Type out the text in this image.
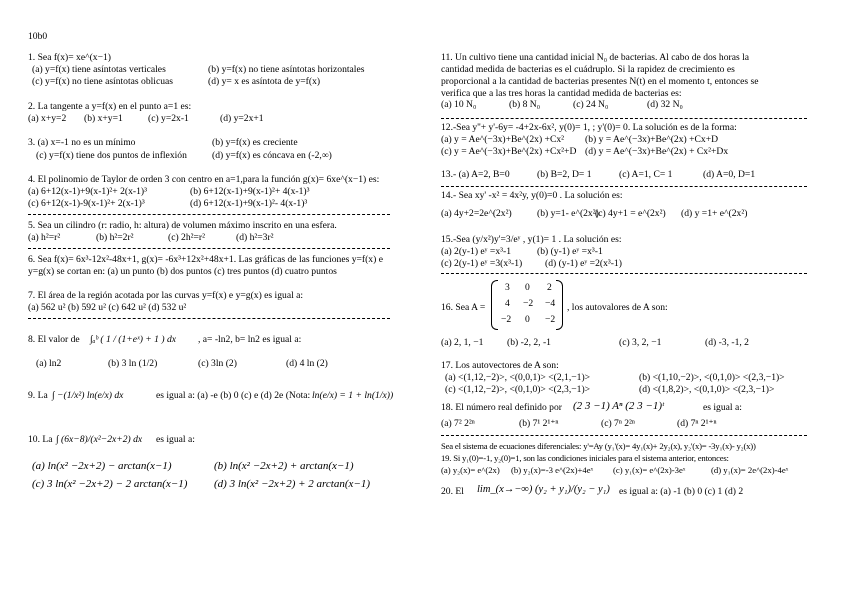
10b0
1. Sea f(x)= xe^(x−1)
(a) y=f(x) tiene asíntotas verticales	(b) y=f(x) no tiene asíntotas horizontales
(c) y=f(x) no tiene asíntotas oblicuas	(d) y= x es asíntota de y=f(x)
2. La tangente a y=f(x) en el punto a=1 es:
(a) x+y=2 (b) x+y=1	(c) y=2x-1	(d) y=2x+1
3. (a) x=-1 no es un mínimo	(b) y=f(x) es creciente
(c) y=f(x) tiene dos puntos de inflexión	(d) y=f(x) es cóncava en (-2,∞)
4. El polinomio de Taylor de orden 3 con centro en a=1,para la función g(x)= 6xe^(x−1) es:
(a) 6+12(x-1)+9(x-1)²+ 2(x-1)³	(b) 6+12(x-1)+9(x-1)²+ 4(x-1)³
(c) 6+12(x-1)-9(x-1)²+ 2(x-1)³	(d) 6+12(x-1)+9(x-1)²- 4(x-1)³
5. Sea un cilindro (r: radio, h: altura) de volumen máximo inscrito en una esfera.
(a) h²=r²	(b) h²=2r²	(c) 2h²=r²	(d) h²=3r²
6. Sea f(x)= 6x³-12x²-48x+1, g(x)= -6x³+12x²+48x+1. Las gráficas de las funciones y=f(x) e
y=g(x) se cortan en: (a) un punto (b) dos puntos (c) tres puntos (d) cuatro puntos
7. El área de la región acotada por las curvas y=f(x) e y=g(x) es igual a:
(a) 562 u² (b) 592 u² (c) 642 u² (d) 532 u²
8. El valor de ∫ₐᵇ ( 1 / (1+eˣ) + 1 ) dx , a= -ln2, b= ln2 es igual a:
(a) ln2	(b) 3 ln (1/2)	(c) 3ln (2)	(d) 4 ln (2)
9. La ∫ −(1/x²) ln(e/x) dx	es igual a: (a) -e (b) 0 (c) e (d) 2e (Nota: ln(e/x) = 1 + ln(1/x))
10. La ∫ (6x−8)/(x²−2x+2) dx es igual a:
(a) ln(x² −2x+2) − arctan(x−1)	(b) ln(x² −2x+2) + arctan(x−1)
(c) 3 ln(x² −2x+2) − 2 arctan(x−1) (d) 3 ln(x² −2x+2) + 2 arctan(x−1)
11. Un cultivo tiene una cantidad inicial N₀ de bacterias. Al cabo de dos horas la
cantidad medida de bacterias es el cuádruplo. Si la rapidez de crecimiento es
proporcional a la cantidad de bacterias presentes N(t) en el momento t, entonces se
verifica que a las tres horas la cantidad medida de bacterias es:
(a) 10 N₀	(b) 8 N₀	(c) 24 N₀	(d) 32 N₀
12.-Sea y''+ y'-6y= -4+2x-6x², y(0)= 1, ; y'(0)= 0. La solución es de la forma:
(a) y = Ae^(−3x)+Be^(2x) +Cx² (b) y = Ae^(−3x)+Be^(2x) +Cx+D
(c) y = Ae^(−3x)+Be^(2x) +Cx²+D (d) y = Ae^(−3x)+Be^(2x) + Cx²+Dx
13.- (a) A=2, B=0	(b) B=2, D= 1	(c) A=1, C= 1	(d) A=0, D=1
14.- Sea xy' -x² = 4x²y, y(0)=0 . La solución es:
(a) 4y+2=2e^(2x²)	(b) y=1- e^(2x²)
(c) 4y+1 = e^(2x²) (d) y =1+ e^(2x²)
15.-Sea (y/x²)y'=3/eʸ , y(1)= 1 . La solución es:
(a) 2(y-1) eʸ =x³-1	(b) (y-1) eʸ =x³-1
(c) 2(y-1) eʸ =3(x³-1) (d) (y-1) eʸ =2(x³-1)
16. Sea A =
3 0 2
4 −2 −4
−2 0 −2
, los autovalores de A son:
(a) 2, 1, −1 (b) -2, 2, -1	(c) 3, 2, −1	(d) -3, -1, 2
17. Los autovectores de A son:
(a) <(1,12,−2)>, <(0,0,1)> <(2,1,−1)>	(b) <(1,10,−2)>, <(0,1,0)> <(2,3,−1)>
(c) <(1,12,−2)>, <(0,1,0)> <(2,3,−1)>	(d) <(1,8,2)>, <(0,1,0)> <(2,3,−1)>
18. El número real definido por (2 3 −1) Aⁿ (2 3 −1)ᵗ	es igual a:
(a) 7² 2²ⁿ	(b) 7¹ 2¹⁺ⁿ	(c) 7ⁿ 2²ⁿ	(d) 7ⁿ 2¹⁺ⁿ
Sea el sistema de ecuaciones diferenciales: y'=Ay (y₁'(x)= 4y₁(x)+ 2y₂(x), y₂'(x)= -3y₁(x)- y₂(x))
19. Si y₁(0)=-1, y₂(0)=1, son las condiciones iniciales para el sistema anterior, entonces:
(a) y₂(x)= e^(2x) (b) y₂(x)=-3 e^(2x)+4eˣ (c) y₁(x)= e^(2x)-3eˣ	(d) y₁(x)= 2e^(2x)-4eˣ
20. El lim_(x→−∞) (y₂ + y₁)/(y₂ − y₁) es igual a: (a) -1 (b) 0 (c) 1 (d) 2
